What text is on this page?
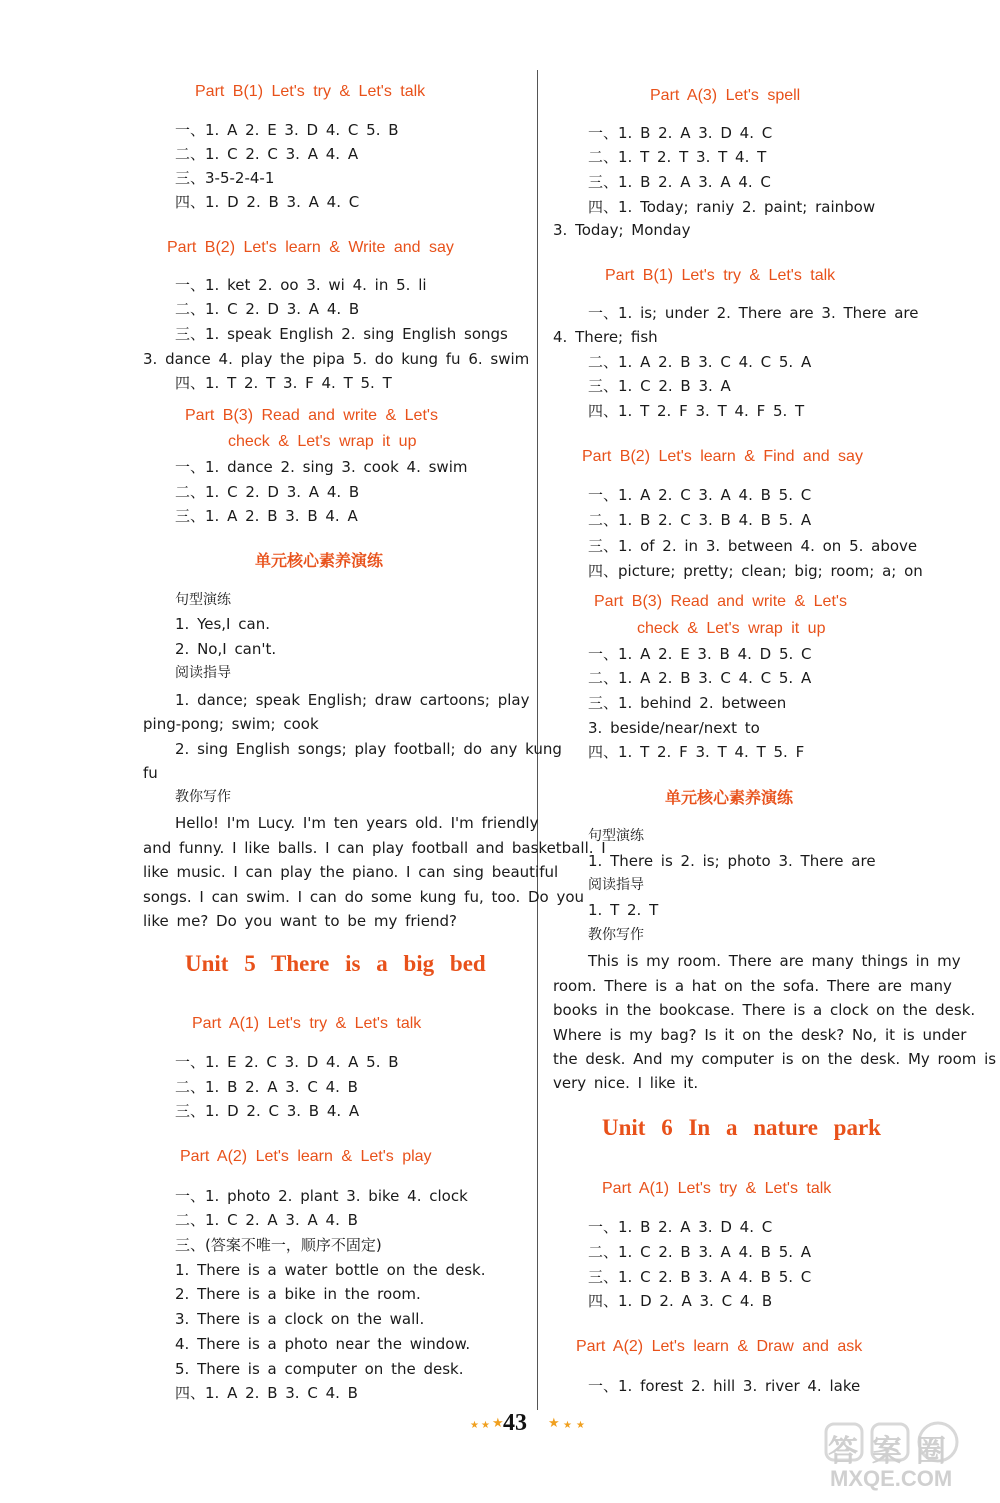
Part B(1) Let's try & Let's talk
一、1. A 2. E 3. D 4. C 5. B
二、1. C 2. C 3. A 4. A
三、3-5-2-4-1
四、1. D 2. B 3. A 4. C
Part B(2) Let's learn & Write and say
一、1. ket 2. oo 3. wi 4. in 5. li
二、1. C 2. D 3. A 4. B
三、1. speak English 2. sing English songs
3. dance 4. play the pipa 5. do kung fu 6. swim
四、1. T 2. T 3. F 4. T 5. T
Part B(3) Read and write & Let's
check & Let's wrap it up
一、1. dance 2. sing 3. cook 4. swim
二、1. C 2. D 3. A 4. B
三、1. A 2. B 3. B 4. A
单元核心素养演练
句型演练
1. Yes,I can.
2. No,I can't.
阅读指导
1. dance; speak English; draw cartoons; play
ping-pong; swim; cook
2. sing English songs; play football; do any kung
fu
教你写作
Hello! I'm Lucy. I'm ten years old. I'm friendly
and funny. I like balls. I can play football and basketball. I
like music. I can play the piano. I can sing beautiful
songs. I can swim. I can do some kung fu, too. Do you
like me? Do you want to be my friend?
Unit 5 There is a big bed
Part A(1) Let's try & Let's talk
一、1. E 2. C 3. D 4. A 5. B
二、1. B 2. A 3. C 4. B
三、1. D 2. C 3. B 4. A
Part A(2) Let's learn & Let's play
一、1. photo 2. plant 3. bike 4. clock
二、1. C 2. A 3. A 4. B
三、(答案不唯一，顺序不固定)
1. There is a water bottle on the desk.
2. There is a bike in the room.
3. There is a clock on the wall.
4. There is a photo near the window.
5. There is a computer on the desk.
四、1. A 2. B 3. C 4. B
Part A(3) Let's spell
一、1. B 2. A 3. D 4. C
二、1. T 2. T 3. T 4. T
三、1. B 2. A 3. A 4. C
四、1. Today; raniy 2. paint; rainbow
3. Today; Monday
Part B(1) Let's try & Let's talk
一、1. is; under 2. There are 3. There are
4. There; fish
二、1. A 2. B 3. C 4. C 5. A
三、1. C 2. B 3. A
四、1. T 2. F 3. T 4. F 5. T
Part B(2) Let's learn & Find and say
一、1. A 2. C 3. A 4. B 5. C
二、1. B 2. C 3. B 4. B 5. A
三、1. of 2. in 3. between 4. on 5. above
四、picture; pretty; clean; big; room; a; on
Part B(3) Read and write & Let's
check & Let's wrap it up
一、1. A 2. E 3. B 4. D 5. C
二、1. A 2. B 3. C 4. C 5. A
三、1. behind 2. between
3. beside/near/next to
四、1. T 2. F 3. T 4. T 5. F
单元核心素养演练
句型演练
1. There is 2. is; photo 3. There are
阅读指导
1. T 2. T
教你写作
This is my room. There are many things in my
room. There is a hat on the sofa. There are many
books in the bookcase. There is a clock on the desk.
Where is my bag? Is it on the desk? No, it is under
the desk. And my computer is on the desk. My room is
very nice. I like it.
Unit 6 In a nature park
Part A(1) Let's try & Let's talk
一、1. B 2. A 3. D 4. C
二、1. C 2. B 3. A 4. B 5. A
三、1. C 2. B 3. A 4. B 5. C
四、1. D 2. A 3. C 4. B
Part A(2) Let's learn & Draw and ask
一、1. forest 2. hill 3. river 4. lake
★ ★ ★ 43 ★ ★ ★
答案圈
MXQE.COM
